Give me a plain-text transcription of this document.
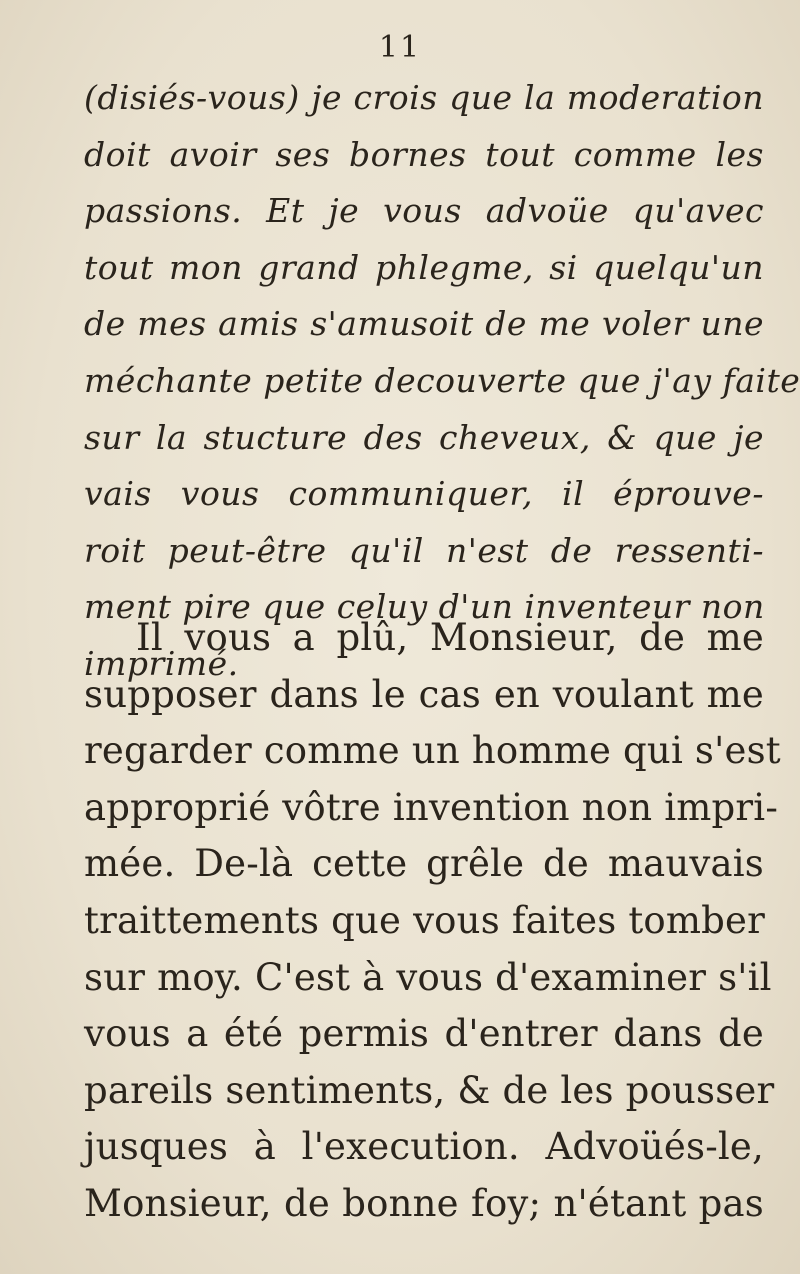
11
(disiés-vous) je crois que la moderation
doit avoir ses bornes tout comme les
passions. Et je vous advoüe qu'avec
tout mon grand phlegme, si quelqu'un
de mes amis s'amusoit de me voler une
méchante petite decouverte que j'ay faite
sur la stucture des cheveux, & que je
vais vous communiquer, il éprouve-
roit peut-être qu'il n'est de ressenti-
ment pire que celuy d'un inventeur non
imprimé.
Il vous a plû, Monsieur, de me
supposer dans le cas en voulant me
regarder comme un homme qui s'est
approprié vôtre invention non impri-
mée. De-là cette grêle de mauvais
traittements que vous faites tomber
sur moy. C'est à vous d'examiner s'il
vous a été permis d'entrer dans de
pareils sentiments, & de les pousser
jusques à l'execution. Advoüés-le,
Monsieur, de bonne foy; n'étant pas
